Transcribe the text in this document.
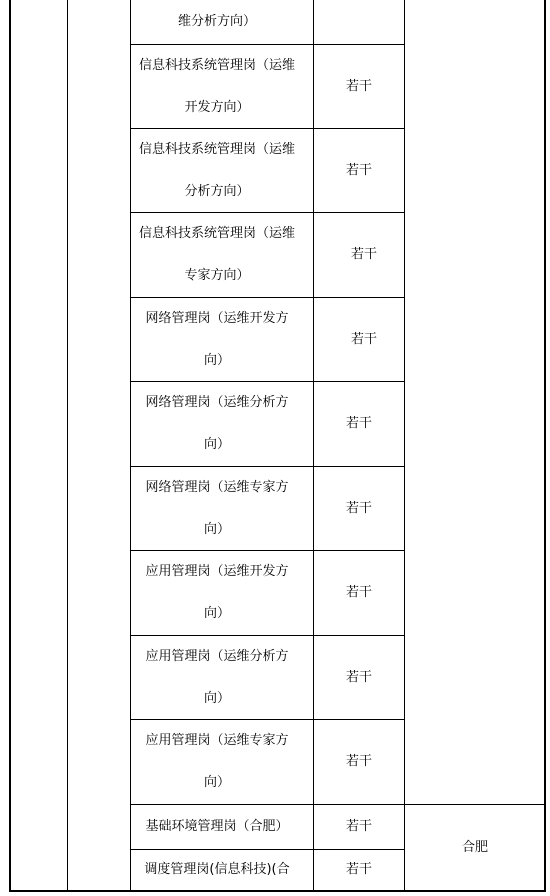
维分析方向）
信息科技系统管理岗（运维
开发方向）
信息科技系统管理岗（运维
分析方向）
信息科技系统管理岗（运维
专家方向）
网络管理岗（运维开发方
向）
网络管理岗（运维分析方
向）
网络管理岗（运维专家方
向）
应用管理岗（运维开发方
向）
应用管理岗（运维分析方
向）
应用管理岗（运维专家方
向）
基础环境管理岗（合肥）
调度管理岗(信息科技)(合
若干
若干
若干
若干
若干
若干
若干
若干
若干
若干
若干
合肥
